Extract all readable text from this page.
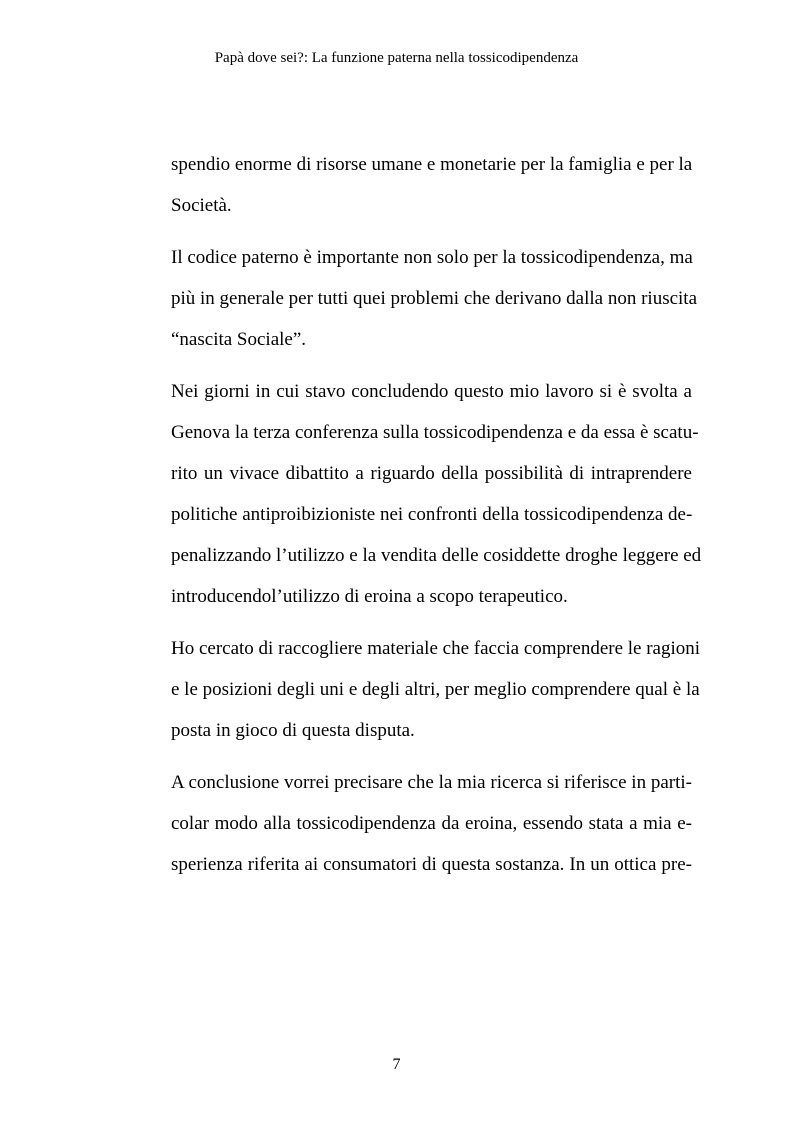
Papà dove sei?: La funzione paterna nella tossicodipendenza
spendio enorme di risorse umane e monetarie per la famiglia e per la
Società.
Il codice paterno è importante non solo per la tossicodipendenza, ma
più in generale per tutti quei problemi che derivano dalla non riuscita
“nascita Sociale”.
Nei giorni in cui stavo concludendo questo mio lavoro si è svolta a
Genova la terza conferenza sulla tossicodipendenza e da essa è scatu-
rito un vivace dibattito a riguardo della possibilità di intraprendere
politiche antiproibizioniste nei confronti della tossicodipendenza de-
penalizzando l’utilizzo e la vendita delle cosiddette droghe leggere ed
introducendol’utilizzo di eroina a scopo terapeutico.
Ho cercato di raccogliere materiale che faccia comprendere le ragioni
e le posizioni degli uni e degli altri, per meglio comprendere qual è la
posta in gioco di questa disputa.
A conclusione vorrei precisare che la mia ricerca si riferisce in parti-
colar modo alla tossicodipendenza da eroina, essendo stata a mia e-
sperienza riferita ai consumatori di questa sostanza. In un ottica pre-
7
